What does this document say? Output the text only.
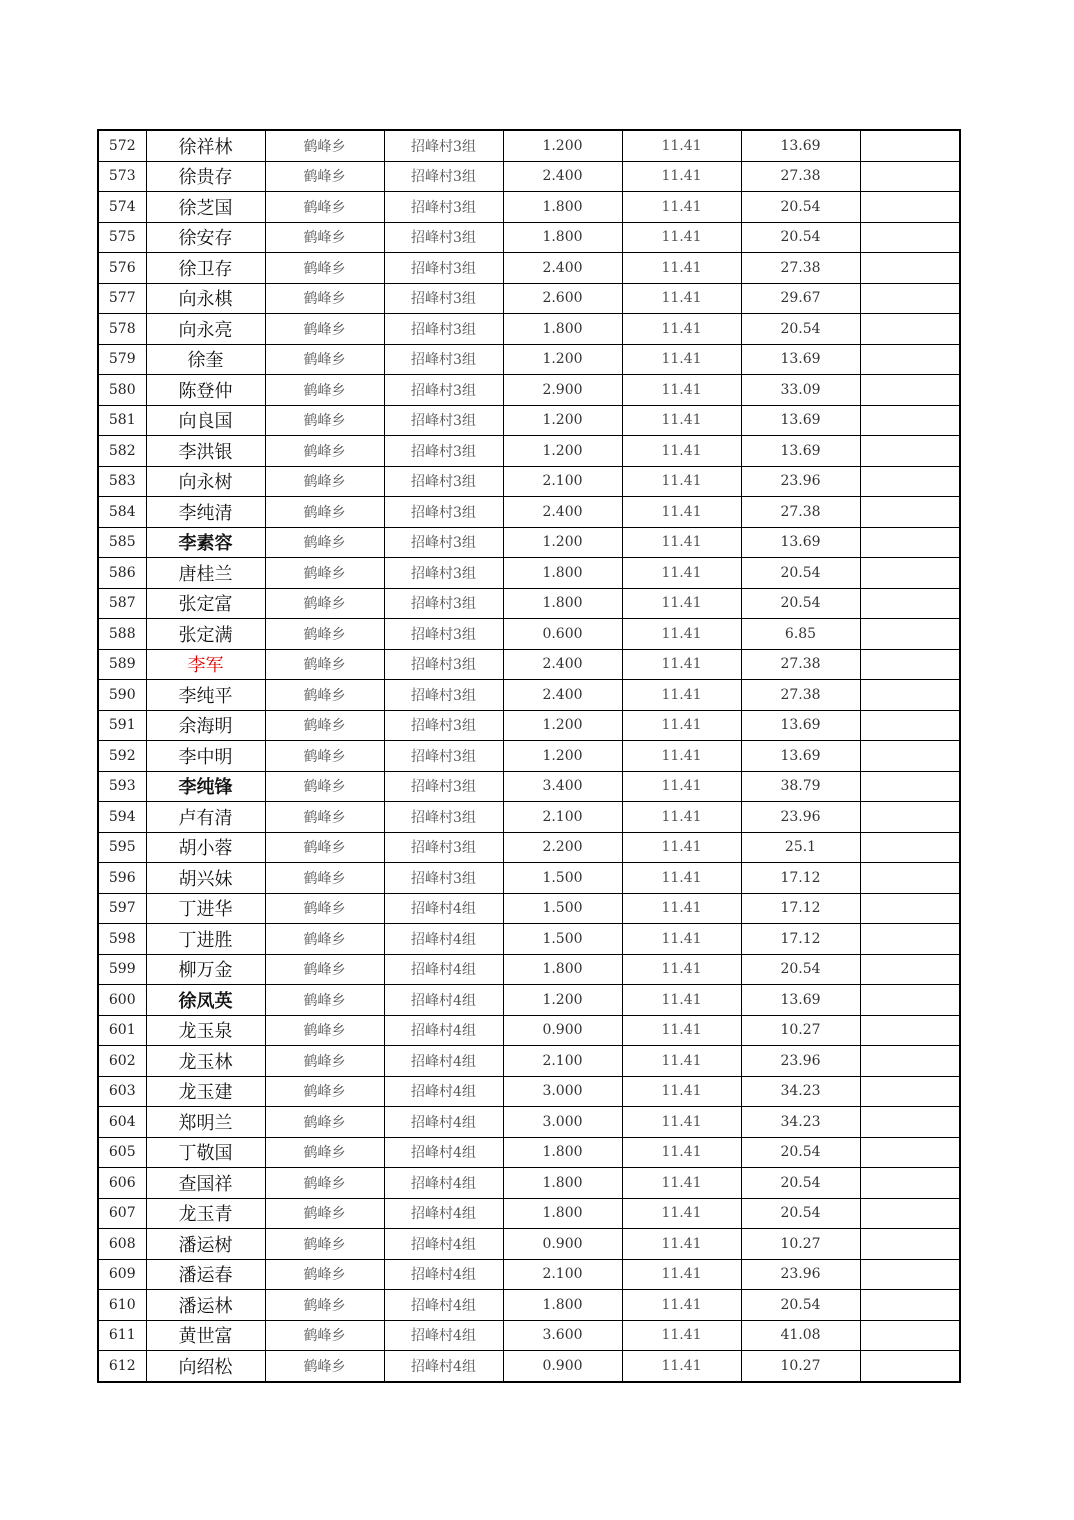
572	徐祥林	鹤峰乡	招峰村3组	1.200	11.41	13.69	
573	徐贵存	鹤峰乡	招峰村3组	2.400	11.41	27.38	
574	徐芝国	鹤峰乡	招峰村3组	1.800	11.41	20.54	
575	徐安存	鹤峰乡	招峰村3组	1.800	11.41	20.54	
576	徐卫存	鹤峰乡	招峰村3组	2.400	11.41	27.38	
577	向永棋	鹤峰乡	招峰村3组	2.600	11.41	29.67	
578	向永亮	鹤峰乡	招峰村3组	1.800	11.41	20.54	
579	徐奎	鹤峰乡	招峰村3组	1.200	11.41	13.69	
580	陈登仲	鹤峰乡	招峰村3组	2.900	11.41	33.09	
581	向良国	鹤峰乡	招峰村3组	1.200	11.41	13.69	
582	李洪银	鹤峰乡	招峰村3组	1.200	11.41	13.69	
583	向永树	鹤峰乡	招峰村3组	2.100	11.41	23.96	
584	李纯清	鹤峰乡	招峰村3组	2.400	11.41	27.38	
585	李素容	鹤峰乡	招峰村3组	1.200	11.41	13.69	
586	唐桂兰	鹤峰乡	招峰村3组	1.800	11.41	20.54	
587	张定富	鹤峰乡	招峰村3组	1.800	11.41	20.54	
588	张定满	鹤峰乡	招峰村3组	0.600	11.41	6.85	
589	李军	鹤峰乡	招峰村3组	2.400	11.41	27.38	
590	李纯平	鹤峰乡	招峰村3组	2.400	11.41	27.38	
591	余海明	鹤峰乡	招峰村3组	1.200	11.41	13.69	
592	李中明	鹤峰乡	招峰村3组	1.200	11.41	13.69	
593	李纯锋	鹤峰乡	招峰村3组	3.400	11.41	38.79	
594	卢有清	鹤峰乡	招峰村3组	2.100	11.41	23.96	
595	胡小蓉	鹤峰乡	招峰村3组	2.200	11.41	25.1	
596	胡兴妹	鹤峰乡	招峰村3组	1.500	11.41	17.12	
597	丁进华	鹤峰乡	招峰村4组	1.500	11.41	17.12	
598	丁进胜	鹤峰乡	招峰村4组	1.500	11.41	17.12	
599	柳万金	鹤峰乡	招峰村4组	1.800	11.41	20.54	
600	徐凤英	鹤峰乡	招峰村4组	1.200	11.41	13.69	
601	龙玉泉	鹤峰乡	招峰村4组	0.900	11.41	10.27	
602	龙玉林	鹤峰乡	招峰村4组	2.100	11.41	23.96	
603	龙玉建	鹤峰乡	招峰村4组	3.000	11.41	34.23	
604	郑明兰	鹤峰乡	招峰村4组	3.000	11.41	34.23	
605	丁敬国	鹤峰乡	招峰村4组	1.800	11.41	20.54	
606	查国祥	鹤峰乡	招峰村4组	1.800	11.41	20.54	
607	龙玉青	鹤峰乡	招峰村4组	1.800	11.41	20.54	
608	潘运树	鹤峰乡	招峰村4组	0.900	11.41	10.27	
609	潘运春	鹤峰乡	招峰村4组	2.100	11.41	23.96	
610	潘运林	鹤峰乡	招峰村4组	1.800	11.41	20.54	
611	黄世富	鹤峰乡	招峰村4组	3.600	11.41	41.08	
612	向绍松	鹤峰乡	招峰村4组	0.900	11.41	10.27	
